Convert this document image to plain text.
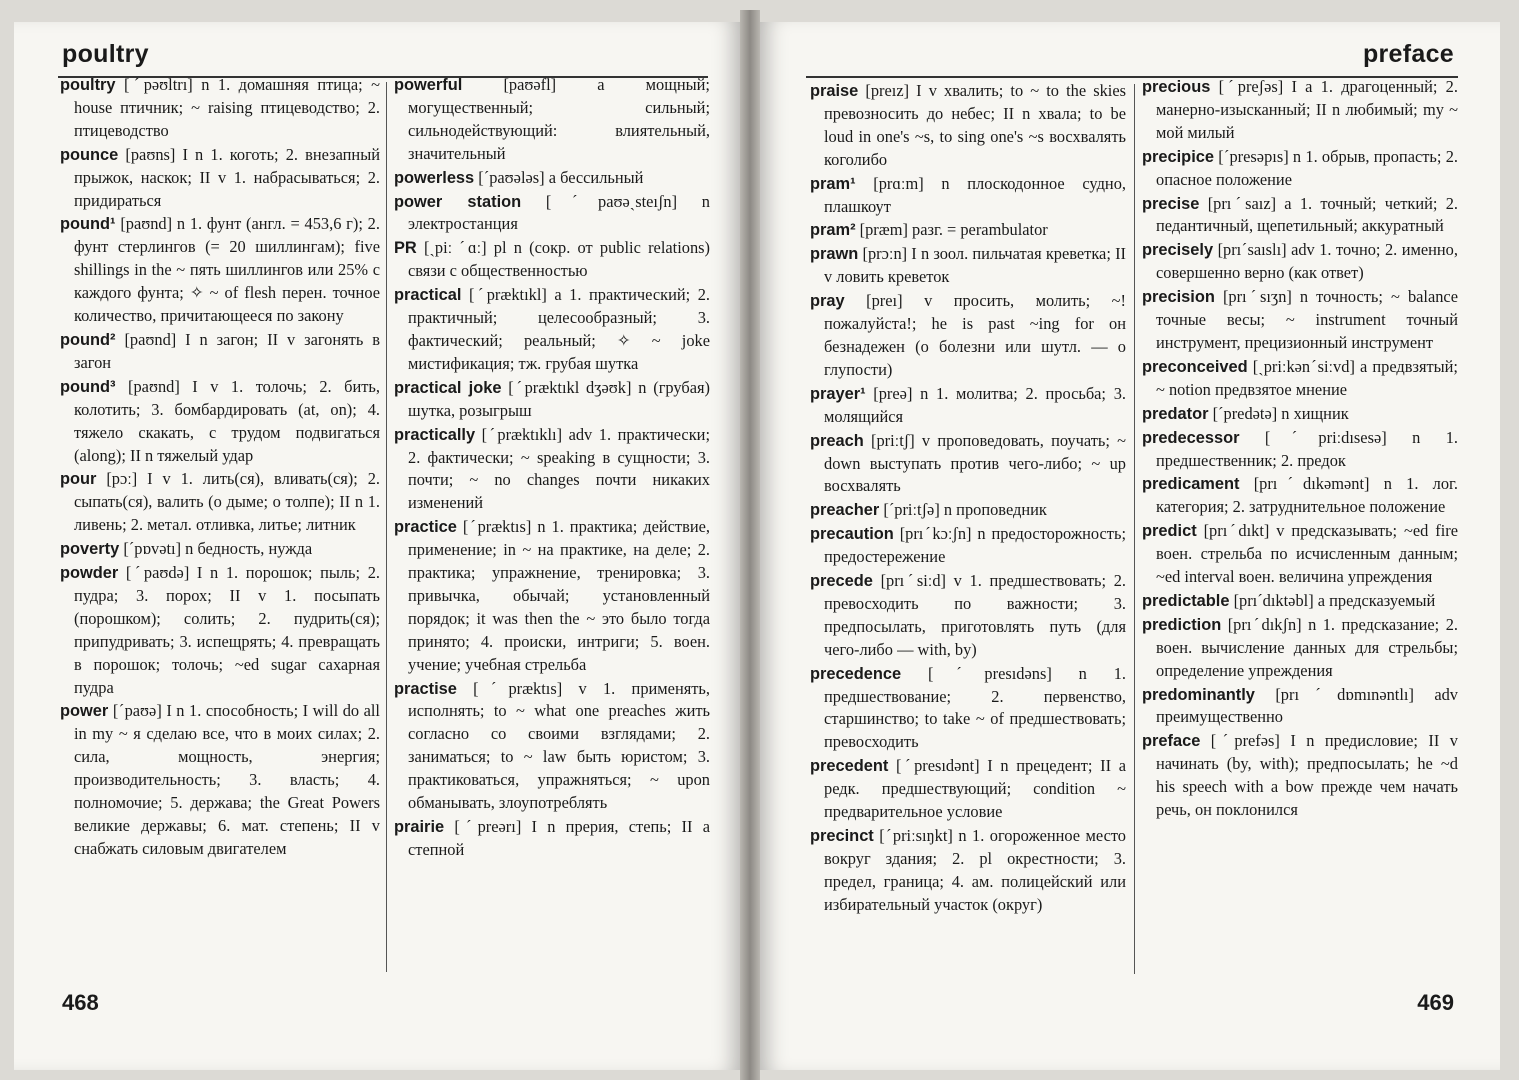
poultry

poultry [ˊpəʊltrı] n 1. домашняя птица; ~ house птичник; ~ raising птицеводство; 2. птицеводство

pounce [paʊns] I n 1. коготь; 2. внезапный прыжок, наскок; II v 1. набрасываться; 2. придираться

pound¹ [paʊnd] n 1. фунт (англ. = 453,6 г); 2. фунт стерлингов (= 20 шиллингам); five shillings in the ~ пять шиллингов или 25% с каждого фунта; ✧ ~ of flesh перен. точное количество, причитающееся по закону

pound² [paʊnd] I n загон; II v загонять в загон

pound³ [paʊnd] I v 1. толочь; 2. бить, колотить; 3. бомбардировать (at, on); 4. тяжело скакать, с трудом подвигаться (along); II n тяжелый удар

pour [pɔː] I v 1. лить(ся), вливать(ся); 2. сыпать(ся), валить (о дыме; о толпе); II n 1. ливень; 2. метал. отливка, литье; литник

poverty [ˊpɒvətı] n бедность, нужда

powder [ˊpaʊdə] I n 1. порошок; пыль; 2. пудра; 3. порох; II v 1. посыпать (порошком); солить; 2. пудрить(ся); припудривать; 3. испещрять; 4. превращать в порошок; толочь; ~ed sugar сахарная пудра

power [ˊpaʊə] I n 1. способность; I will do all in my ~ я сделаю все, что в моих силах; 2. сила, мощность, энергия; производительность; 3. власть; 4. полномочие; 5. держава; the Great Powers великие державы; 6. мат. степень; II v снабжать силовым двигателем

powerful	[paʊəfl] a мощный; могущественный; сильный; сильнодействующий: влиятельный, значительный

powerless [ˊpaʊələs] a бессильный

power station [ˊpaʊəˏsteıʃn] n электростанция

PR [ˏpiː ˊɑː] pl n (сокр. от public relations) связи с общественностью

practical [ˊpræktıkl] a 1. практический; 2. практичный; целесообразный; 3. фактический; реальный; ✧ ~ joke мистификация; тж. грубая шутка

practical joke [ˊpræktıkl dʒəʊk] n (грубая) шутка, розыгрыш

practically [ˊpræktıklı] adv 1. практически; 2. фактически; ~ speaking в сущности; 3. почти; ~ no changes почти никаких изменений

practice [ˊpræktıs] n 1. практика; действие, применение; in ~ на практике, на деле; 2. практика; упражнение, тренировка; 3. привычка, обычай; установленный порядок; it was then the ~ это было тогда принято; 4. происки, интриги; 5. воен. учение; учебная стрельба

practise [ˊpræktıs] v 1. применять, исполнять; to ~ what one preaches жить согласно со своими взглядами; 2. заниматься; to ~ law быть юристом; 3. практиковаться, упражняться; ~ upon обманывать, злоупотреблять

prairie [ˊpreərı] I n прерия, степь; II a степной

468
preface

praise [preız] I v хвалить; to ~ to the skies превозносить до небес; II n хвала; to be loud in one's ~s, to sing one's ~s восхвалять коголибо

pram¹ [prɑːm] n плоскодонное судно, плашкоут

pram² [præm] разг. = perambulator

prawn [prɔːn] I n зоол. пильчатая креветка; II v ловить креветок

pray [preı] v просить, молить; ~! пожалуйста!; he is past ~ing for он безнадежен (о болезни или шутл. — о глупости)

prayer¹ [preə] n 1. молитва; 2. просьба; 3. молящийся

preach [priːtʃ] v проповедовать, поучать; ~ down выступать против чего-либо; ~ up восхвалять

preacher [ˊpriːtʃə] n проповедник

precaution [prıˊkɔːʃn] n предосторожность; предостережение

precede [prıˊsiːd] v 1. предшествовать; 2. превосходить по важности; 3. предпосылать, приготовлять путь (для чего-либо — with, by)

precedence [ˊpresıdəns] n 1. предшествование; 2. первенство, старшинство; to take ~ of предшествовать; превосходить

precedent [ˊpresıdənt] I n прецедент; II a редк. предшествующий; condition ~ предварительное условие

precinct [ˊpriːsıŋkt] n 1. огороженное место вокруг здания; 2. pl окрестности; 3. предел, граница; 4. ам. полицейский или избирательный участок (округ)

precious [ˊpreʃəs] I a 1. драгоценный; 2. манерно-изысканный; II n любимый; my ~ мой милый

precipice [ˊpresəpıs] n 1. обрыв, пропасть; 2. опасное положение

precise [prıˊsaız] a 1. точный; четкий; 2. педантичный, щепетильный; аккуратный

precisely [prıˊsaıslı] adv 1. точно; 2. именно, совершенно верно (как ответ)

precision [prıˊsıʒn] n точность; ~ balance точные весы; ~ instrument точный инструмент, прецизионный инструмент

preconceived [ˏpriːkənˊsiːvd] a предвзятый; ~ notion предвзятое мнение

predator [ˊpredətə] n хищник

predecessor [ˊpriːdısesə] n 1. предшественник; 2. предок

predicament [prıˊdıkəmənt] n 1. лог. категория; 2. затруднительное положение

predict [prıˊdıkt] v предсказывать; ~ed fire воен. стрельба по исчисленным данным; ~ed interval воен. величина упреждения

predictable [prıˊdıktəbl] a предсказуемый

prediction [prıˊdıkʃn] n 1. предсказание; 2. воен. вычисление данных для стрельбы; определение упреждения

predominantly [prıˊdɒmınəntlı] adv преимущественно

preface [ˊprefəs] I n предисловие; II v начинать (by, with); предпосылать; he ~d his speech with a bow прежде чем начать речь, он поклонился

469
